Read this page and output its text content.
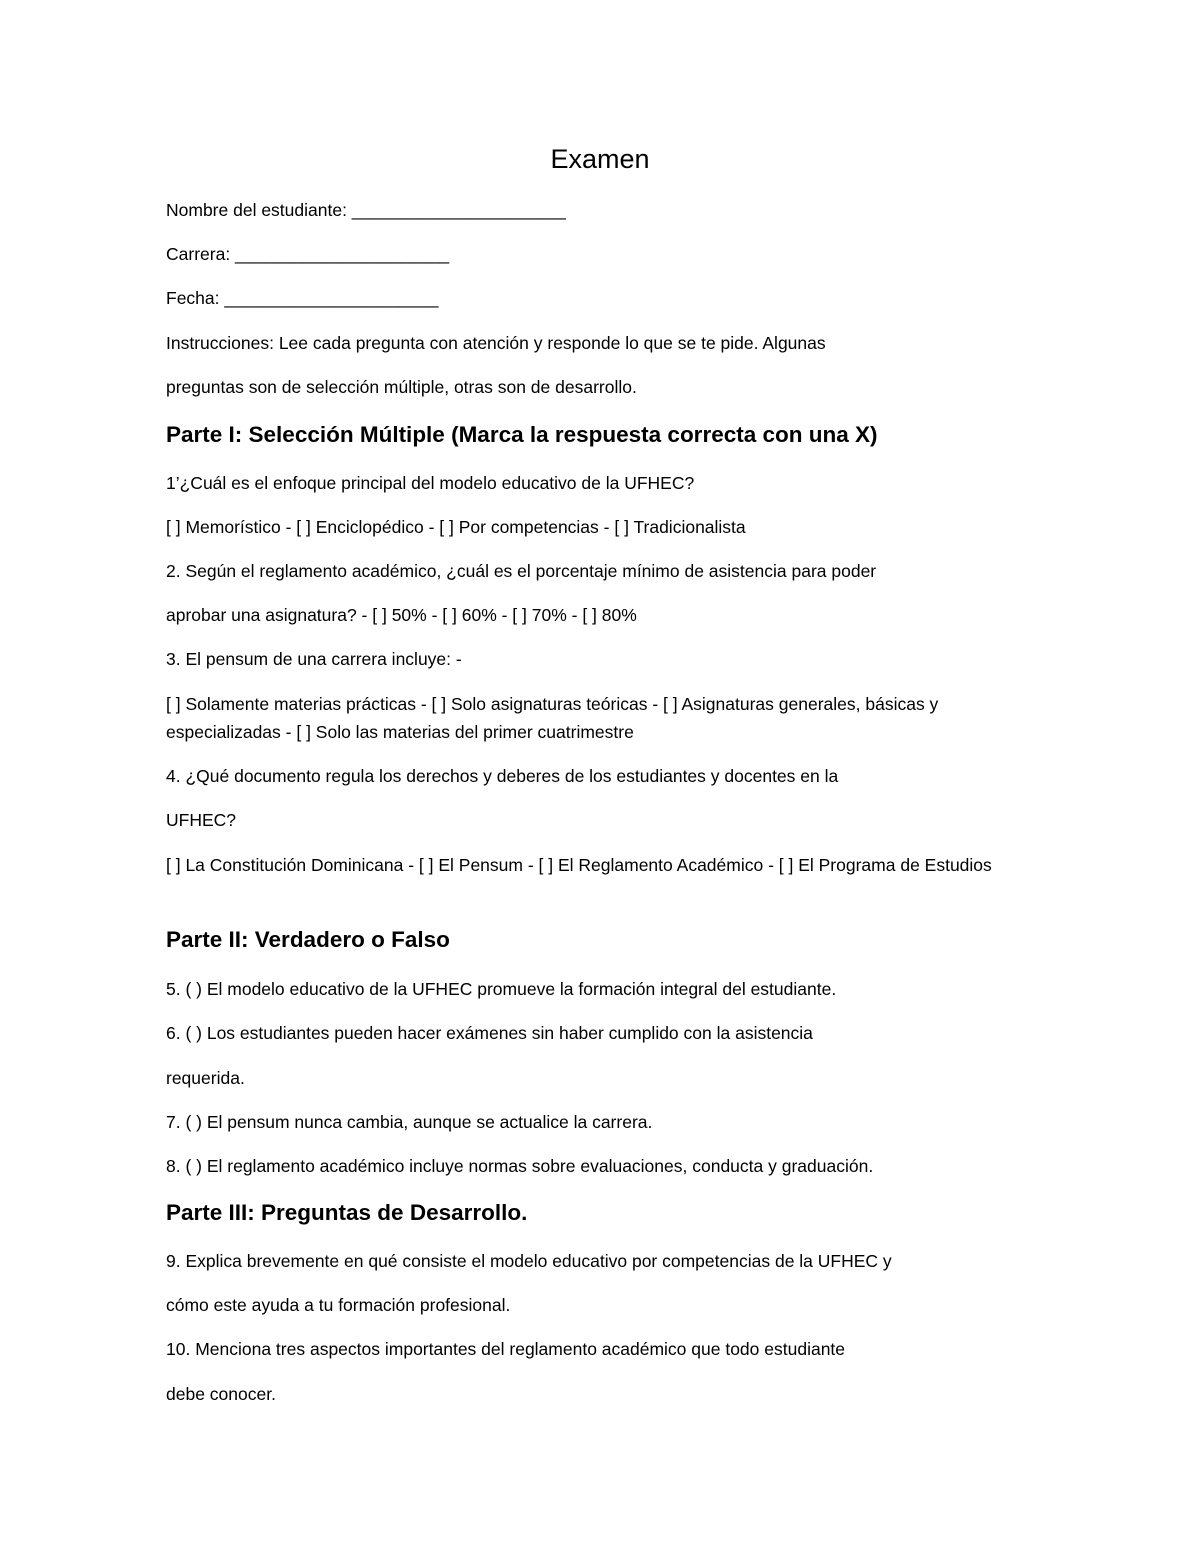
Examen

Nombre del estudiante: ______________________

Carrera: ______________________

Fecha: ______________________

Instrucciones: Lee cada pregunta con atención y responde lo que se te pide. Algunas

preguntas son de selección múltiple, otras son de desarrollo.

Parte I: Selección Múltiple (Marca la respuesta correcta con una X)

1’¿Cuál es el enfoque principal del modelo educativo de la UFHEC?

[ ] Memorístico - [ ] Enciclopédico - [ ] Por competencias - [ ] Tradicionalista

2. Según el reglamento académico, ¿cuál es el porcentaje mínimo de asistencia para poder

aprobar una asignatura? - [ ] 50% - [ ] 60% - [ ] 70% - [ ] 80%

3. El pensum de una carrera incluye: -

[ ] Solamente materias prácticas - [ ] Solo asignaturas teóricas - [ ] Asignaturas generales, básicas y especializadas - [ ] Solo las materias del primer cuatrimestre

4. ¿Qué documento regula los derechos y deberes de los estudiantes y docentes en la

UFHEC?

[ ] La Constitución Dominicana - [ ] El Pensum - [ ] El Reglamento Académico - [ ] El Programa de Estudios

Parte II: Verdadero o Falso

5. ( ) El modelo educativo de la UFHEC promueve la formación integral del estudiante.

6. ( ) Los estudiantes pueden hacer exámenes sin haber cumplido con la asistencia

requerida.

7. ( ) El pensum nunca cambia, aunque se actualice la carrera.

8. ( ) El reglamento académico incluye normas sobre evaluaciones, conducta y graduación.

Parte III: Preguntas de Desarrollo.

9. Explica brevemente en qué consiste el modelo educativo por competencias de la UFHEC y

cómo este ayuda a tu formación profesional.

10. Menciona tres aspectos importantes del reglamento académico que todo estudiante

debe conocer.
